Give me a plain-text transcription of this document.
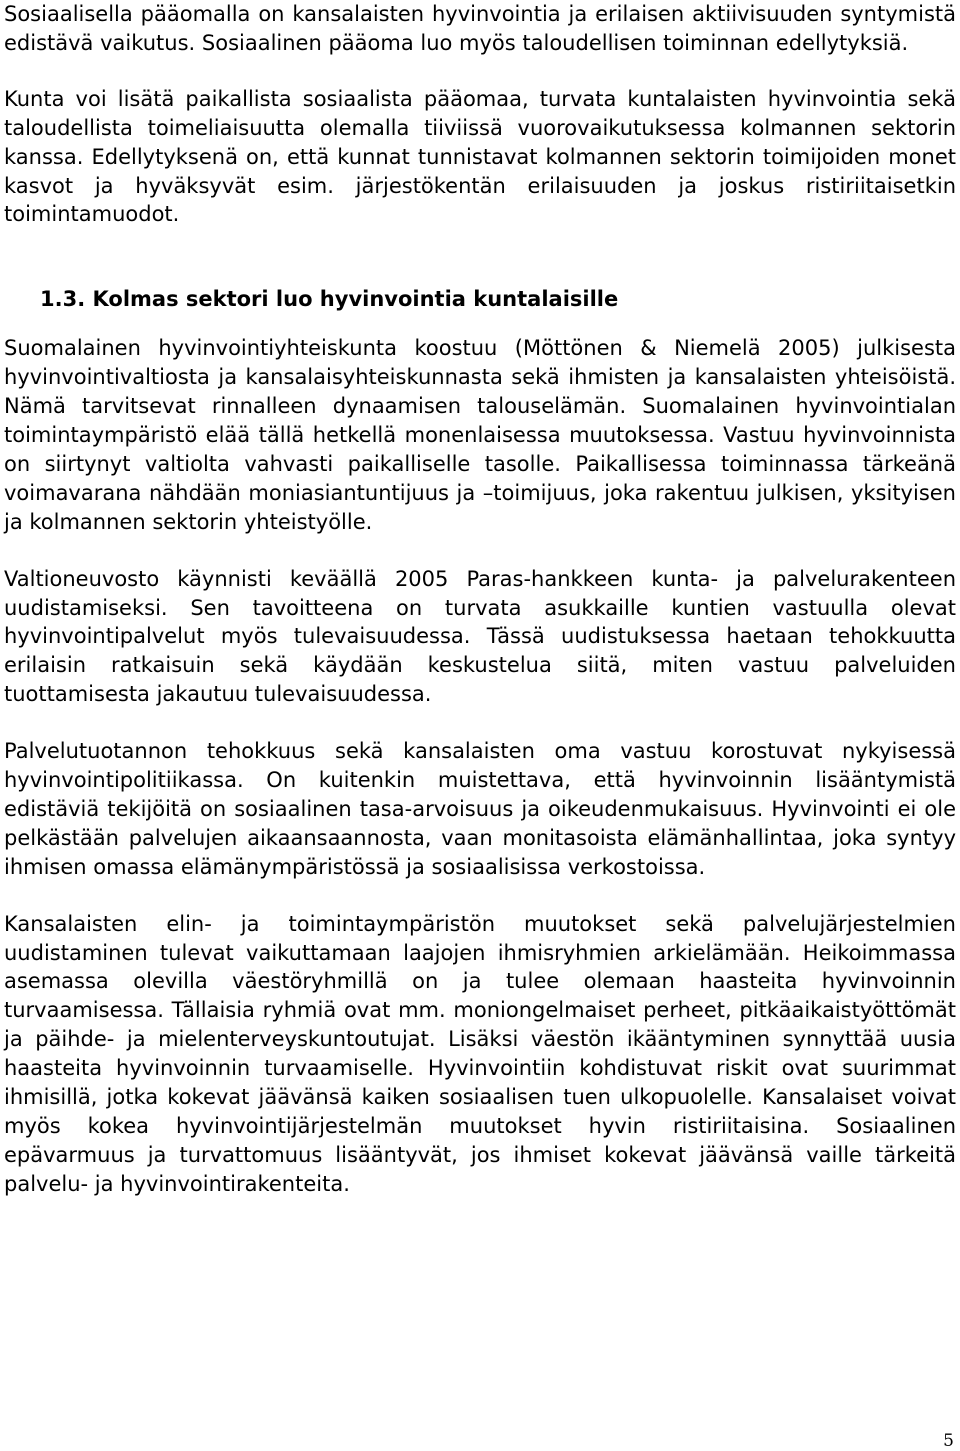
Sosiaalisella pääomalla on kansalaisten hyvinvointia ja erilaisen aktiivisuuden syntymistä edistävä vaikutus. Sosiaalinen pääoma luo myös taloudellisen toiminnan edellytyksiä.

Kunta voi lisätä paikallista sosiaalista pääomaa, turvata kuntalaisten hyvinvointia sekä taloudellista toimeliaisuutta olemalla tiiviissä vuorovaikutuksessa kolmannen sektorin kanssa. Edellytyksenä on, että kunnat tunnistavat kolmannen sektorin toimijoiden monet kasvot ja hyväksyvät esim. järjestökentän erilaisuuden ja joskus ristiriitaisetkin toimintamuodot.

1.3. Kolmas sektori luo hyvinvointia kuntalaisille

Suomalainen hyvinvointiyhteiskunta koostuu (Möttönen & Niemelä 2005) julkisesta hyvinvointivaltiosta ja kansalaisyhteiskunnasta sekä ihmisten ja kansalaisten yhteisöistä. Nämä tarvitsevat rinnalleen dynaamisen talouselämän. Suomalainen hyvinvointialan toimintaympäristö elää tällä hetkellä monenlaisessa muutoksessa. Vastuu hyvinvoinnista on siirtynyt valtiolta vahvasti paikalliselle tasolle. Paikallisessa toiminnassa tärkeänä voimavarana nähdään moniasiantuntijuus ja –toimijuus, joka rakentuu julkisen, yksityisen ja kolmannen sektorin yhteistyölle.

Valtioneuvosto käynnisti keväällä 2005 Paras-hankkeen kunta- ja palvelurakenteen uudistamiseksi. Sen tavoitteena on turvata asukkaille kuntien vastuulla olevat hyvinvointipalvelut myös tulevaisuudessa. Tässä uudistuksessa haetaan tehokkuutta erilaisin ratkaisuin sekä käydään keskustelua siitä, miten vastuu palveluiden tuottamisesta jakautuu tulevaisuudessa.

Palvelutuotannon tehokkuus sekä kansalaisten oma vastuu korostuvat nykyisessä hyvinvointipolitiikassa. On kuitenkin muistettava, että hyvinvoinnin lisääntymistä edistäviä tekijöitä on sosiaalinen tasa-arvoisuus ja oikeudenmukaisuus. Hyvinvointi ei ole pelkästään palvelujen aikaansaannosta, vaan monitasoista elämänhallintaa, joka syntyy ihmisen omassa elämänympäristössä ja sosiaalisissa verkostoissa.

Kansalaisten elin- ja toimintaympäristön muutokset sekä palvelujärjestelmien uudistaminen tulevat vaikuttamaan laajojen ihmisryhmien arkielämään. Heikoimmassa asemassa olevilla väestöryhmillä on ja tulee olemaan haasteita hyvinvoinnin turvaamisessa. Tällaisia ryhmiä ovat mm. moniongelmaiset perheet, pitkäaikaistyöttömät ja päihde- ja mielenterveyskuntoutujat. Lisäksi väestön ikääntyminen synnyttää uusia haasteita hyvinvoinnin turvaamiselle. Hyvinvointiin kohdistuvat riskit ovat suurimmat ihmisillä, jotka kokevat jäävänsä kaiken sosiaalisen tuen ulkopuolelle. Kansalaiset voivat myös kokea hyvinvointijärjestelmän muutokset hyvin ristiriitaisina. Sosiaalinen epävarmuus ja turvattomuus lisääntyvät, jos ihmiset kokevat jäävänsä vaille tärkeitä palvelu- ja hyvinvointirakenteita.

5
